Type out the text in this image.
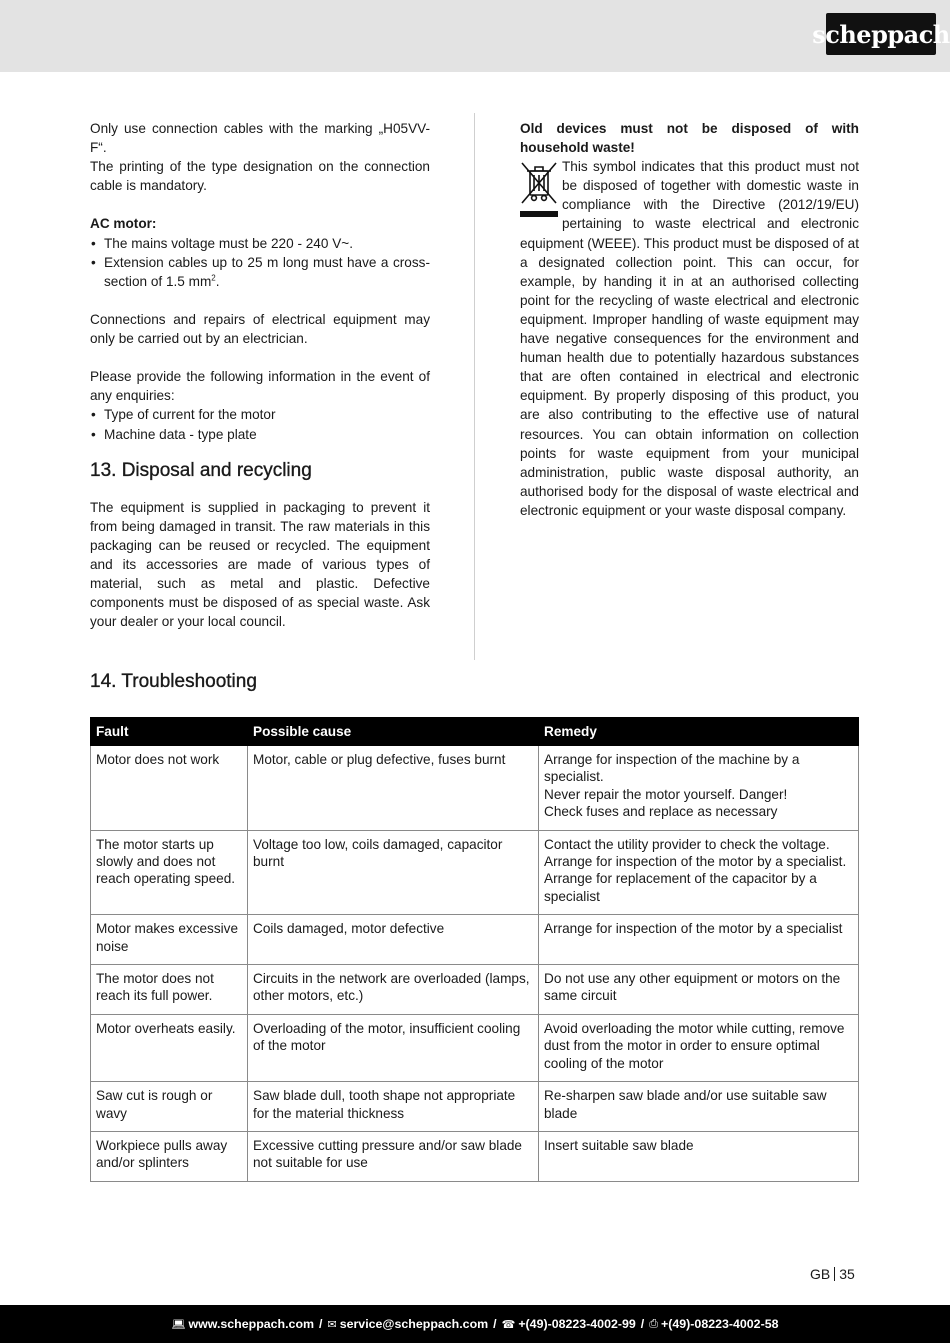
scheppach

Only use connection cables with the marking „H05VV-F“.

The printing of the type designation on the connection cable is mandatory.

AC motor:

• The mains voltage must be 220 - 240 V~.
• Extension cables up to 25 m long must have a cross-section of 1.5 $mm^2$.

Connections and repairs of electrical equipment may only be carried out by an electrician.

Please provide the following information in the event of any enquiries:

• Type of current for the motor
• Machine data - type plate
13. Disposal and recycling

The equipment is supplied in packaging to prevent it from being damaged in transit. The raw materials in this packaging can be reused or recycled. The equipment and its accessories are made of various types of material, such as metal and plastic. Defective components must be disposed of as special waste. Ask your dealer or your local council.

Old devices must not be disposed of with household waste!

This symbol indicates that this product must not be disposed of together with domestic waste in compliance with the Directive (2012/19/EU) pertaining to waste electrical and electronic equipment (WEEE). This product must be disposed of at a designated collection point. This can occur, for example, by handing it in at an authorised collecting point for the recycling of waste electrical and electronic equipment. Improper handling of waste equipment may have negative consequences for the environment and human health due to potentially hazardous substances that are often contained in electrical and electronic equipment. By properly disposing of this product, you are also contributing to the effective use of natural resources. You can obtain information on collection points for waste equipment from your municipal administration, public waste disposal authority, an authorised body for the disposal of waste electrical and electronic equipment or your waste disposal company.

14. Troubleshooting
Fault	Possible cause	Remedy
Motor does not work	Motor, cable or plug defective, fuses burnt	Arrange for inspection of the machine by a specialist.
Never repair the motor yourself. Danger!
Check fuses and replace as necessary

The motor starts up slowly and does not reach operating speed.	Voltage too low, coils damaged, capacitor burnt	Contact the utility provider to check the voltage. Arrange for inspection of the motor by a specialist. Arrange for replacement of the capacitor by a specialist
Motor makes excessive noise	Coils damaged, motor defective	Arrange for inspection of the motor by a specialist
The motor does not reach its full power.	Circuits in the network are overloaded (lamps, other motors, etc.)	Do not use any other equipment or motors on the same circuit
Motor overheats easily.	Overloading of the motor, insufficient cooling of the motor	Avoid overloading the motor while cutting, remove dust from the motor in order to ensure optimal cooling of the motor
Saw cut is rough or wavy	Saw blade dull, tooth shape not appropriate for the material thickness	Re-sharpen saw blade and/or use suitable saw blade
Workpiece pulls away and/or splinters	Excessive cutting pressure and/or saw blade not suitable for use	Insert suitable saw blade
GB 35
💻︎ www.scheppach.com / ✉︎ service@scheppach.com / ☎︎ +(49)-08223-4002-99 / ⎙ +(49)-08223-4002-58
